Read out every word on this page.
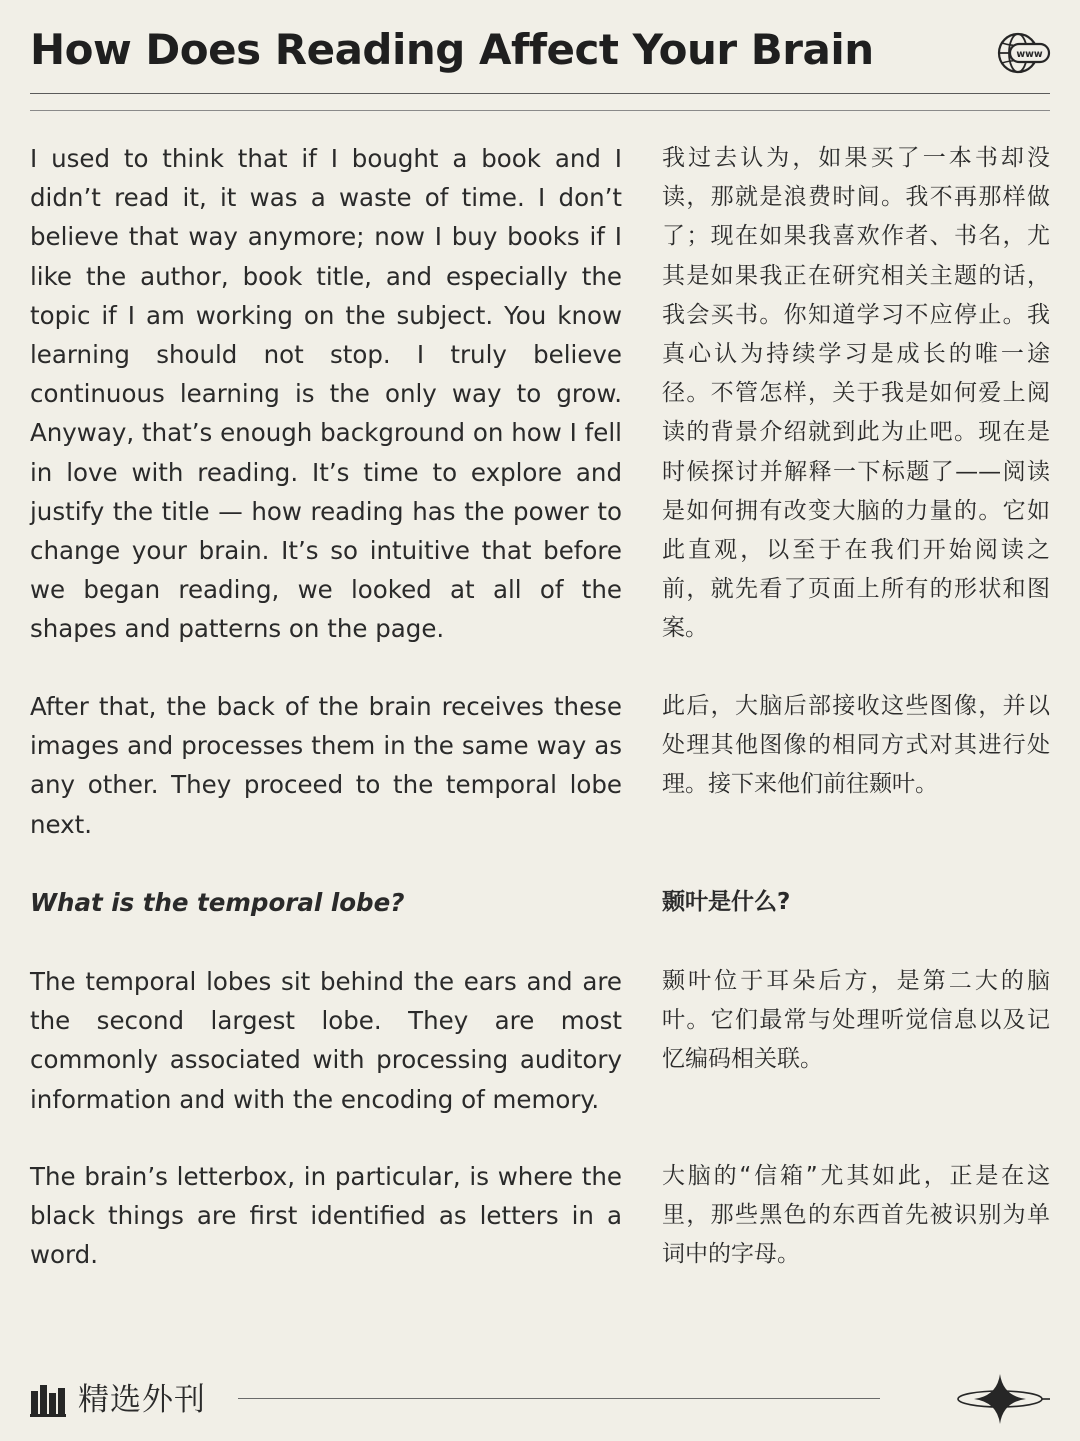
How Does Reading Affect Your Brain	www

I used to think that if I bought a book and I didn’t read it, it was a waste of time. I don’t believe that way anymore; now I buy books if I like the author, book title, and especially the topic if I am working on the subject. You know learning should not stop. I truly believe continuous learning is the only way to grow. Anyway, that’s enough background on how I fell in love with reading. It’s time to explore and justify the title — how reading has the power to change your brain. It’s so intuitive that before we began reading, we looked at all of the shapes and patterns on the page.

我过去认为，如果买了一本书却没读，那就是浪费时间。我不再那样做了；现在如果我喜欢作者、书名，尤其是如果我正在研究相关主题的话，我会买书。你知道学习不应停止。我真心认为持续学习是成长的唯一途径。不管怎样，关于我是如何爱上阅读的背景介绍就到此为止吧。现在是时候探讨并解释一下标题了——阅读是如何拥有改变大脑的力量的。它如此直观，以至于在我们开始阅读之前，就先看了页面上所有的形状和图案。

After that, the back of the brain receives these images and processes them in the same way as any other. They proceed to the temporal lobe next.

此后，大脑后部接收这些图像，并以处理其他图像的相同方式对其进行处理。接下来他们前往颞叶。

What is the temporal lobe?	颞叶是什么?

The temporal lobes sit behind the ears and are the second largest lobe. They are most commonly associated with processing auditory information and with the encoding of memory.

颞叶位于耳朵后方，是第二大的脑叶。它们最常与处理听觉信息以及记忆编码相关联。

The brain’s letterbox, in particular, is where the black things are first identified as letters in a word.

大脑的“信箱”尤其如此，正是在这里，那些黑色的东西首先被识别为单词中的字母。

精选外刊
